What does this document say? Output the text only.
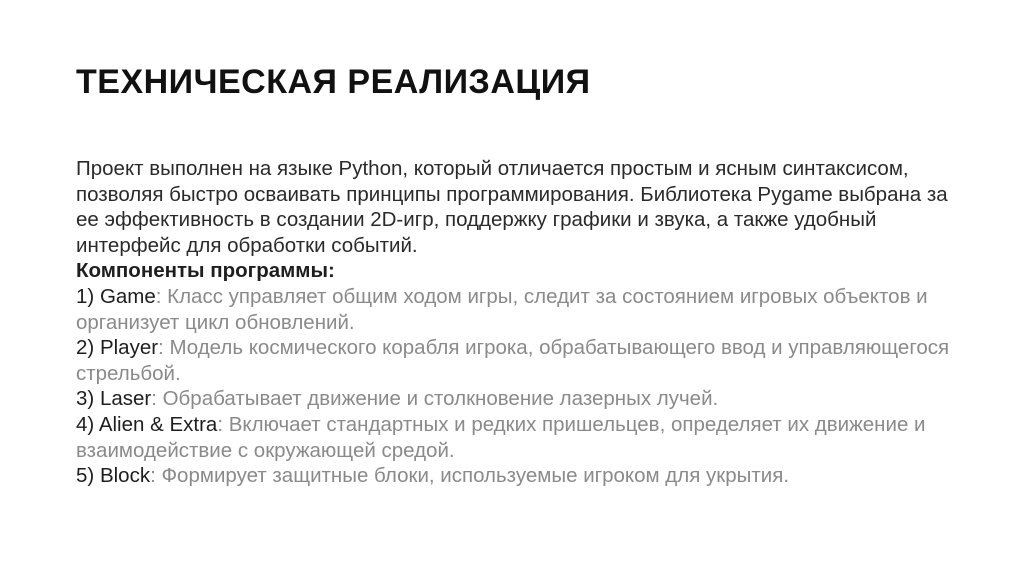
ТЕХНИЧЕСКАЯ РЕАЛИЗАЦИЯ

Проект выполнен на языке Python, который отличается простым и ясным синтаксисом, позволяя быстро осваивать принципы программирования. Библиотека Pygame выбрана за ее эффективность в создании 2D-игр, поддержку графики и звука, а также удобный интерфейс для обработки событий.

Компоненты программы:
1) Game: Класс управляет общим ходом игры, следит за состоянием игровых объектов и организует цикл обновлений.
2) Player: Модель космического корабля игрока, обрабатывающего ввод и управляющегося стрельбой.
3) Laser: Обрабатывает движение и столкновение лазерных лучей.
4) Alien & Extra: Включает стандартных и редких пришельцев, определяет их движение и взаимодействие с окружающей средой.
5) Block: Формирует защитные блоки, используемые игроком для укрытия.
